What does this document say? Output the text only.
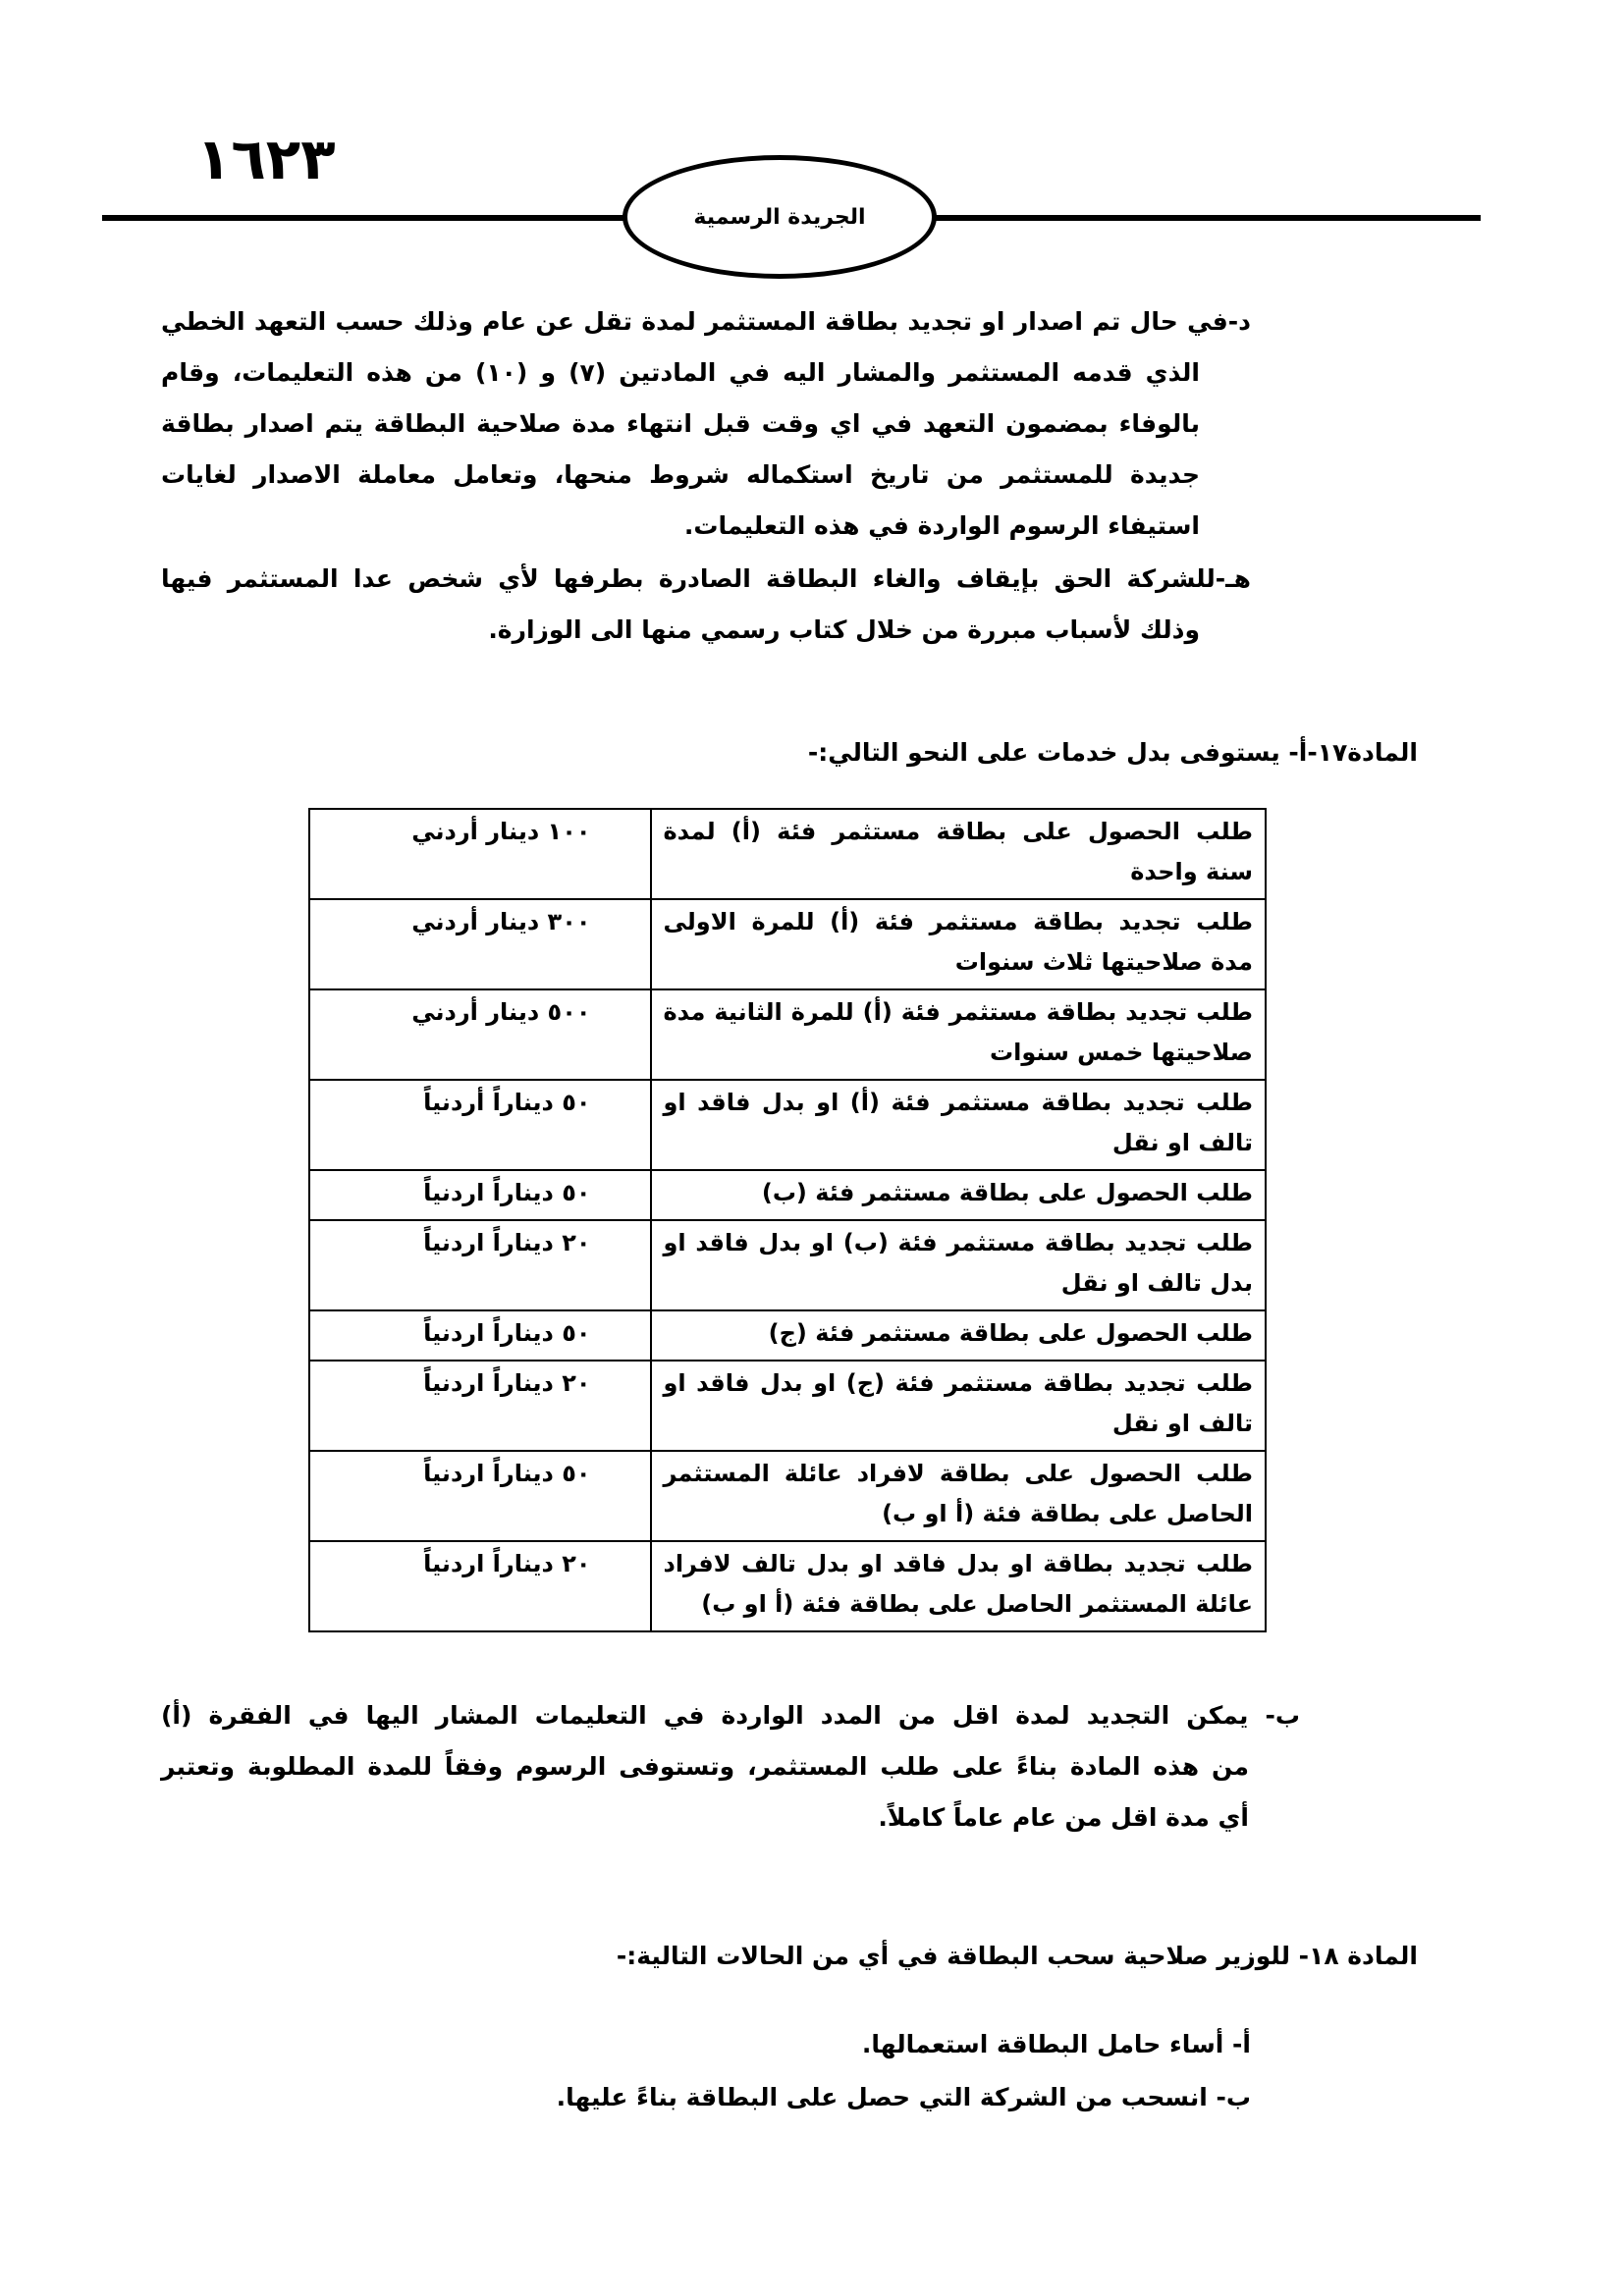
١٦٢٣
الجريدة الرسمية
د-في حال تم اصدار او تجديد بطاقة المستثمر لمدة تقل عن عام وذلك حسب التعهد الخطي
الذي قدمه المستثمر والمشار اليه في المادتين (٧) و (١٠) من هذه التعليمات، وقام
بالوفاء بمضمون التعهد في اي وقت قبل انتهاء مدة صلاحية البطاقة يتم اصدار بطاقة
جديدة للمستثمر من تاريخ استكماله شروط منحها، وتعامل معاملة الاصدار لغايات
استيفاء الرسوم الواردة في هذه التعليمات.
هـ-للشركة الحق بإيقاف والغاء البطاقة الصادرة بطرفها لأي شخص عدا المستثمر فيها
وذلك لأسباب مبررة من خلال كتاب رسمي منها الى الوزارة.
المادة١٧-أ- يستوفى بدل خدمات على النحو التالي:-
طلب الحصول على بطاقة مستثمر فئة (أ) لمدة سنة واحدة	١٠٠ دينار أردني
طلب تجديد بطاقة مستثمر فئة (أ) للمرة الاولى مدة صلاحيتها ثلاث سنوات	٣٠٠ دينار أردني
طلب تجديد بطاقة مستثمر فئة (أ) للمرة الثانية مدة صلاحيتها خمس سنوات	٥٠٠ دينار أردني
طلب تجديد بطاقة مستثمر فئة (أ) او بدل فاقد او تالف او نقل	٥٠ ديناراً أردنياً
طلب الحصول على بطاقة مستثمر فئة (ب)	٥٠ ديناراً اردنياً
طلب تجديد بطاقة مستثمر فئة (ب) او بدل فاقد او بدل تالف او نقل	٢٠ ديناراً اردنياً
طلب الحصول على بطاقة مستثمر فئة (ج)	٥٠ ديناراً اردنياً
طلب تجديد بطاقة مستثمر فئة (ج) او بدل فاقد او تالف او نقل	٢٠ ديناراً اردنياً
طلب الحصول على بطاقة لافراد عائلة المستثمر الحاصل على بطاقة فئة (أ او ب)	٥٠ ديناراً اردنياً
طلب تجديد بطاقة او بدل فاقد او بدل تالف لافراد عائلة المستثمر الحاصل على بطاقة فئة (أ او ب)	٢٠ ديناراً اردنياً
ب- يمكن التجديد لمدة اقل من المدد الواردة في التعليمات المشار اليها في الفقرة (أ)
من هذه المادة بناءً على طلب المستثمر، وتستوفى الرسوم وفقاً للمدة المطلوبة وتعتبر
أي مدة اقل من عام عاماً كاملاً.
المادة ١٨- للوزير صلاحية سحب البطاقة في أي من الحالات التالية:-
أ- أساء حامل البطاقة استعمالها.
ب- انسحب من الشركة التي حصل على البطاقة بناءً عليها.
